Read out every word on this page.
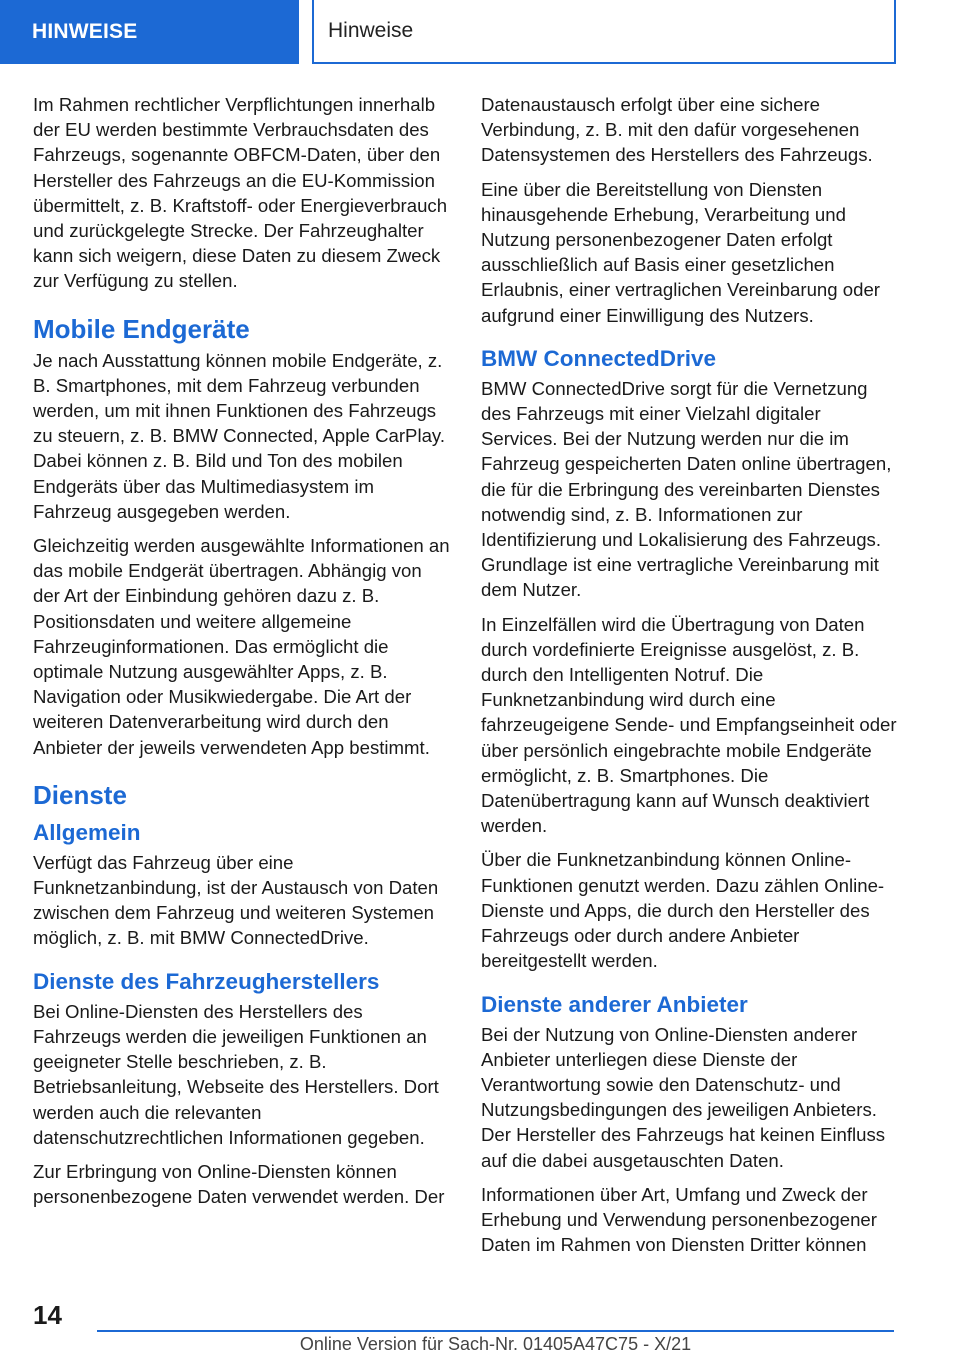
HINWEISE	Hinweise

Im Rahmen rechtlicher Verpflichtungen innerhalb der EU werden bestimmte Verbrauchsdaten des Fahrzeugs, sogenannte OBFCM-Daten, über den Hersteller des Fahrzeugs an die EU-Kommission übermittelt, z. B. Kraftstoff- oder Energieverbrauch und zurückgelegte Strecke. Der Fahrzeughalter kann sich weigern, diese Daten zu diesem Zweck zur Verfügung zu stellen.

Mobile Endgeräte

Je nach Ausstattung können mobile Endgeräte, z. B. Smartphones, mit dem Fahrzeug verbunden werden, um mit ihnen Funktionen des Fahrzeugs zu steuern, z. B. BMW Connected, Apple CarPlay. Dabei können z. B. Bild und Ton des mobilen Endgeräts über das Multimediasystem im Fahrzeug ausgegeben werden.

Gleichzeitig werden ausgewählte Informationen an das mobile Endgerät übertragen. Abhängig von der Art der Einbindung gehören dazu z. B. Positionsdaten und weitere allgemeine Fahrzeuginformationen. Das ermöglicht die optimale Nutzung ausgewählter Apps, z. B. Navigation oder Musikwiedergabe. Die Art der weiteren Datenverarbeitung wird durch den Anbieter der jeweils verwendeten App bestimmt.

Dienste
Allgemein

Verfügt das Fahrzeug über eine Funknetzanbindung, ist der Austausch von Daten zwischen dem Fahrzeug und weiteren Systemen möglich, z. B. mit BMW ConnectedDrive.

Dienste des Fahrzeugherstellers

Bei Online-Diensten des Herstellers des Fahrzeugs werden die jeweiligen Funktionen an geeigneter Stelle beschrieben, z. B. Betriebsanleitung, Webseite des Herstellers. Dort werden auch die relevanten datenschutzrechtlichen Informationen gegeben.

Zur Erbringung von Online-Diensten können personenbezogene Daten verwendet werden. Der

Datenaustausch erfolgt über eine sichere Verbindung, z. B. mit den dafür vorgesehenen Datensystemen des Herstellers des Fahrzeugs.

Eine über die Bereitstellung von Diensten hinausgehende Erhebung, Verarbeitung und Nutzung personenbezogener Daten erfolgt ausschließlich auf Basis einer gesetzlichen Erlaubnis, einer vertraglichen Vereinbarung oder aufgrund einer Einwilligung des Nutzers.

BMW ConnectedDrive

BMW ConnectedDrive sorgt für die Vernetzung des Fahrzeugs mit einer Vielzahl digitaler Services. Bei der Nutzung werden nur die im Fahrzeug gespeicherten Daten online übertragen, die für die Erbringung des vereinbarten Dienstes notwendig sind, z. B. Informationen zur Identifizierung und Lokalisierung des Fahrzeugs. Grundlage ist eine vertragliche Vereinbarung mit dem Nutzer.

In Einzelfällen wird die Übertragung von Daten durch vordefinierte Ereignisse ausgelöst, z. B. durch den Intelligenten Notruf. Die Funknetzanbindung wird durch eine fahrzeugeigene Sende- und Empfangseinheit oder über persönlich eingebrachte mobile Endgeräte ermöglicht, z. B. Smartphones. Die Datenübertragung kann auf Wunsch deaktiviert werden.

Über die Funknetzanbindung können Online-Funktionen genutzt werden. Dazu zählen Online-Dienste und Apps, die durch den Hersteller des Fahrzeugs oder durch andere Anbieter bereitgestellt werden.

Dienste anderer Anbieter

Bei der Nutzung von Online-Diensten anderer Anbieter unterliegen diese Dienste der Verantwortung sowie den Datenschutz- und Nutzungsbedingungen des jeweiligen Anbieters. Der Hersteller des Fahrzeugs hat keinen Einfluss auf die dabei ausgetauschten Daten.

Informationen über Art, Umfang und Zweck der Erhebung und Verwendung personenbezogener Daten im Rahmen von Diensten Dritter können

14
Online Version für Sach-Nr. 01405A47C75 - X/21
